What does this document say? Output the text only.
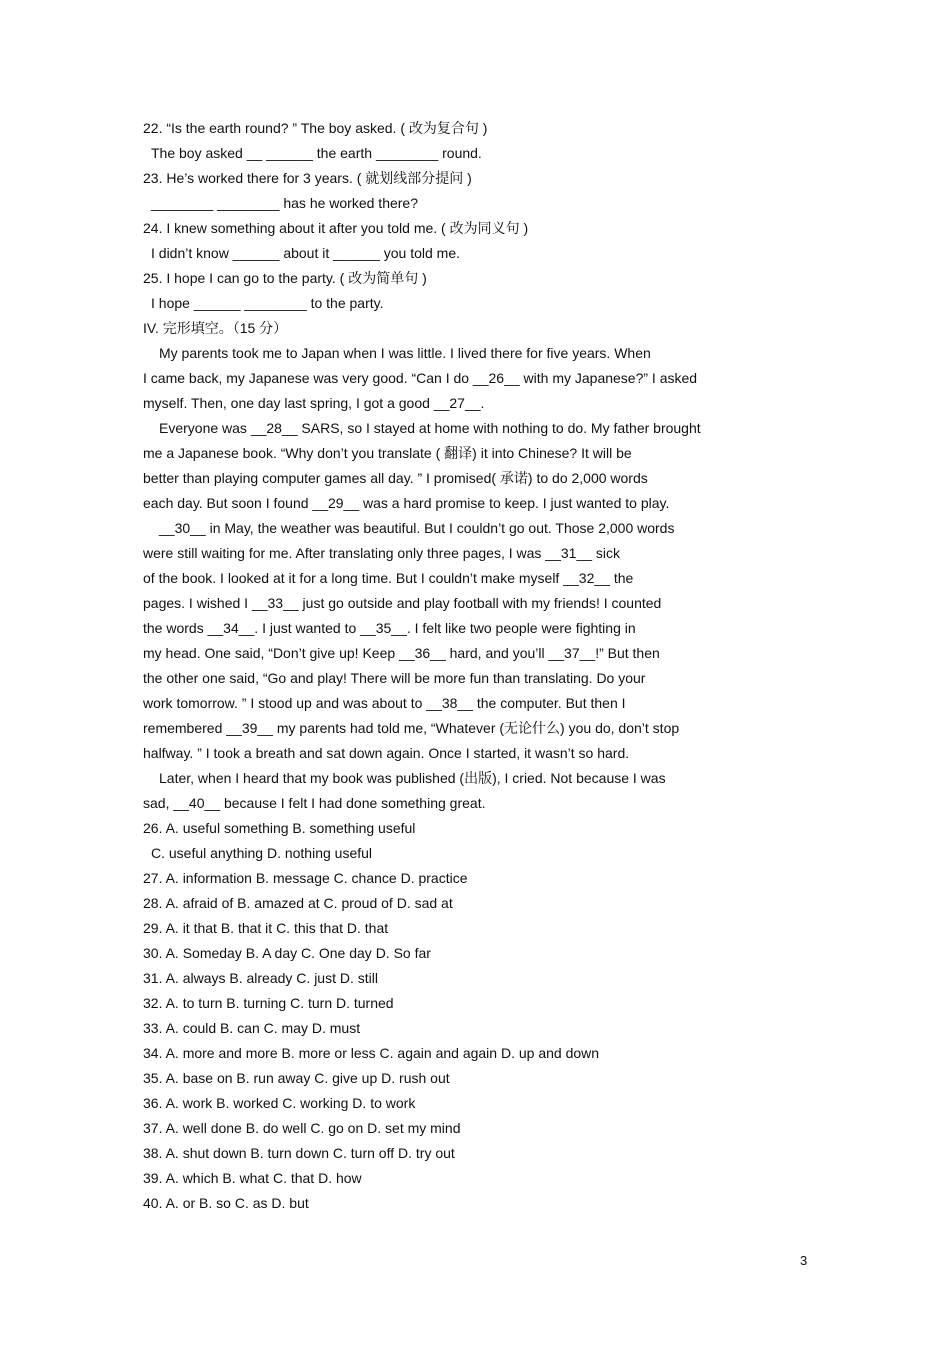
22. “Is the earth round? ” The boy asked. ( 改为复合句 )
The boy asked __ ______ the earth ________ round.
23. He’s worked there for 3 years. ( 就划线部分提问 )
________ ________ has he worked there?
24. I knew something about it after you told me. ( 改为同义句 )
I didn’t know ______ about it ______ you told me.
25. I hope I can go to the party. ( 改为简单句 )
I hope ______ ________ to the party.
IV. 完形填空。（15 分）
My parents took me to Japan when I was little. I lived there for five years. When
I came back, my Japanese was very good. “Can I do __26__ with my Japanese?” I asked
myself. Then, one day last spring, I got a good __27__.
Everyone was __28__ SARS, so I stayed at home with nothing to do. My father brought
me a Japanese book. “Why don’t you translate ( 翻译) it into Chinese? It will be
better than playing computer games all day. ” I promised( 承诺) to do 2,000 words
each day. But soon I found __29__ was a hard promise to keep. I just wanted to play.
__30__ in May, the weather was beautiful. But I couldn’t go out. Those 2,000 words
were still waiting for me. After translating only three pages, I was __31__ sick
of the book. I looked at it for a long time. But I couldn’t make myself __32__ the
pages. I wished I __33__ just go outside and play football with my friends! I counted
the words __34__. I just wanted to __35__. I felt like two people were fighting in
my head. One said, “Don’t give up! Keep __36__ hard, and you’ll __37__!” But then
the other one said, “Go and play! There will be more fun than translating. Do your
work tomorrow. ” I stood up and was about to __38__ the computer. But then I
remembered __39__ my parents had told me, “Whatever (无论什么) you do, don’t stop
halfway. ” I took a breath and sat down again. Once I started, it wasn’t so hard.
Later, when I heard that my book was published (出版), I cried. Not because I was
sad, __40__ because I felt I had done something great.
26. A. useful something B. something useful
C. useful anything D. nothing useful
27. A. information B. message C. chance D. practice
28. A. afraid of B. amazed at C. proud of D. sad at
29. A. it that B. that it C. this that D. that
30. A. Someday B. A day C. One day D. So far
31. A. always B. already C. just D. still
32. A. to turn B. turning C. turn D. turned
33. A. could B. can C. may D. must
34. A. more and more B. more or less C. again and again D. up and down
35. A. base on B. run away C. give up D. rush out
36. A. work B. worked C. working D. to work
37. A. well done B. do well C. go on D. set my mind
38. A. shut down B. turn down C. turn off D. try out
39. A. which B. what C. that D. how
40. A. or B. so C. as D. but
3
